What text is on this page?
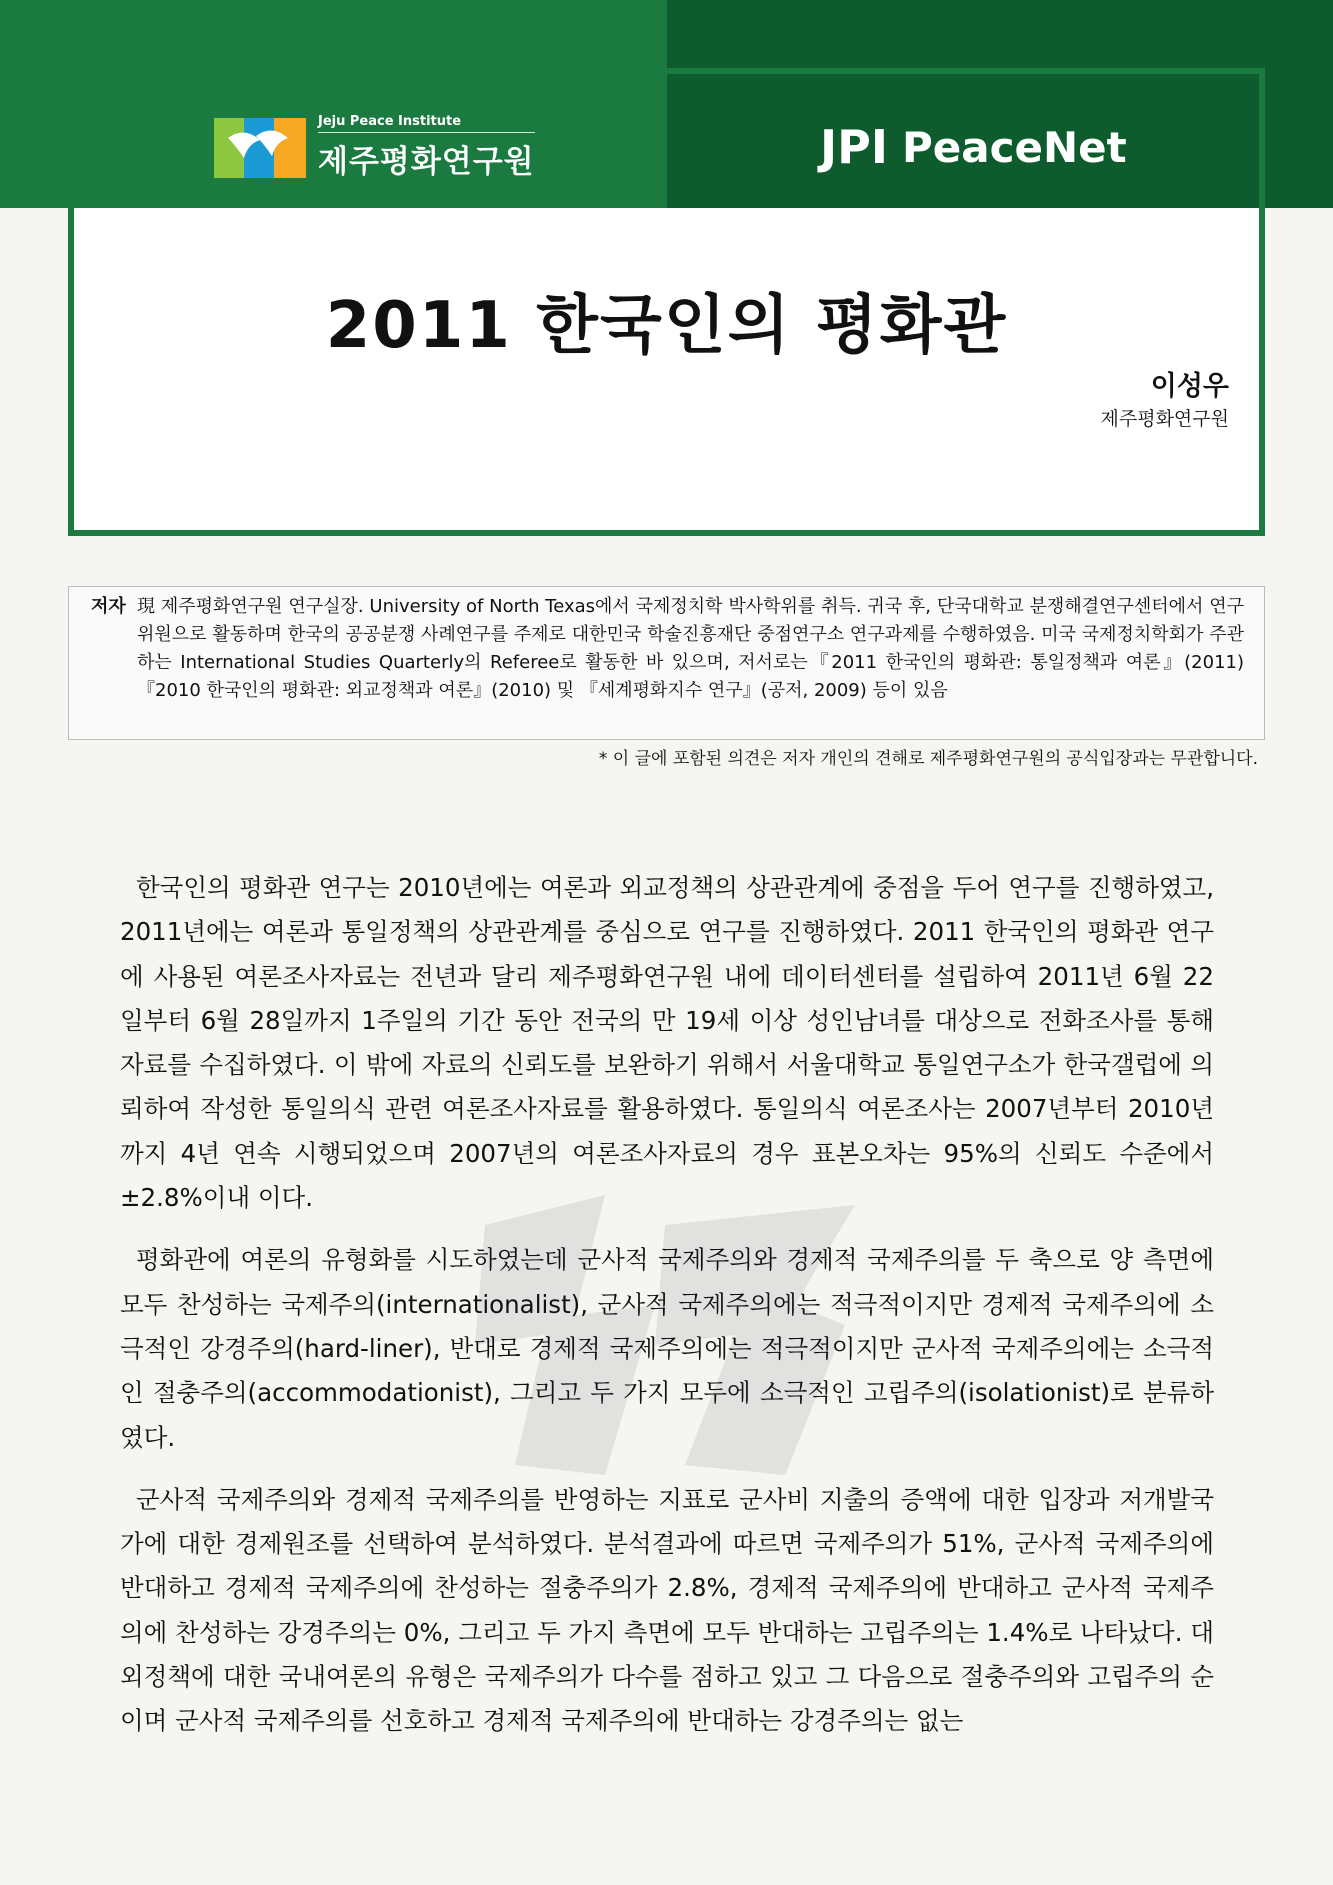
Jeju Peace Institute
제주평화연구원	JPI PeaceNet
2011 한국인의 평화관
이성우
제주평화연구원
저자 現 제주평화연구원 연구실장. University of North Texas에서 국제정치학 박사학위를 취득. 귀국 후, 단국대학교 분쟁해결연구센터에서 연구위원으로 활동하며 한국의 공공분쟁 사례연구를 주제로 대한민국 학술진흥재단 중점연구소 연구과제를 수행하였음. 미국 국제정치학회가 주관하는 International Studies Quarterly의 Referee로 활동한 바 있으며, 저서로는『2011 한국인의 평화관: 통일정책과 여론』(2011) 『2010 한국인의 평화관: 외교정책과 여론』(2010) 및 『세계평화지수 연구』(공저, 2009) 등이 있음
* 이 글에 포함된 의견은 저자 개인의 견해로 제주평화연구원의 공식입장과는 무관합니다.

한국인의 평화관 연구는 2010년에는 여론과 외교정책의 상관관계에 중점을 두어 연구를 진행하였고, 2011년에는 여론과 통일정책의 상관관계를 중심으로 연구를 진행하였다. 2011 한국인의 평화관 연구에 사용된 여론조사자료는 전년과 달리 제주평화연구원 내에 데이터센터를 설립하여 2011년 6월 22일부터 6월 28일까지 1주일의 기간 동안 전국의 만 19세 이상 성인남녀를 대상으로 전화조사를 통해 자료를 수집하였다. 이 밖에 자료의 신뢰도를 보완하기 위해서 서울대학교 통일연구소가 한국갤럽에 의뢰하여 작성한 통일의식 관련 여론조사자료를 활용하였다. 통일의식 여론조사는 2007년부터 2010년까지 4년 연속 시행되었으며 2007년의 여론조사자료의 경우 표본오차는 95%의 신뢰도 수준에서 ±2.8%이내 이다.

평화관에 여론의 유형화를 시도하였는데 군사적 국제주의와 경제적 국제주의를 두 축으로 양 측면에 모두 찬성하는 국제주의(internationalist), 군사적 국제주의에는 적극적이지만 경제적 국제주의에 소극적인 강경주의(hard-liner), 반대로 경제적 국제주의에는 적극적이지만 군사적 국제주의에는 소극적인 절충주의(accommodationist), 그리고 두 가지 모두에 소극적인 고립주의(isolationist)로 분류하였다.

군사적 국제주의와 경제적 국제주의를 반영하는 지표로 군사비 지출의 증액에 대한 입장과 저개발국가에 대한 경제원조를 선택하여 분석하였다. 분석결과에 따르면 국제주의가 51%, 군사적 국제주의에 반대하고 경제적 국제주의에 찬성하는 절충주의가 2.8%, 경제적 국제주의에 반대하고 군사적 국제주의에 찬성하는 강경주의는 0%, 그리고 두 가지 측면에 모두 반대하는 고립주의는 1.4%로 나타났다. 대외정책에 대한 국내여론의 유형은 국제주의가 다수를 점하고 있고 그 다음으로 절충주의와 고립주의 순이며 군사적 국제주의를 선호하고 경제적 국제주의에 반대하는 강경주의는 없는
